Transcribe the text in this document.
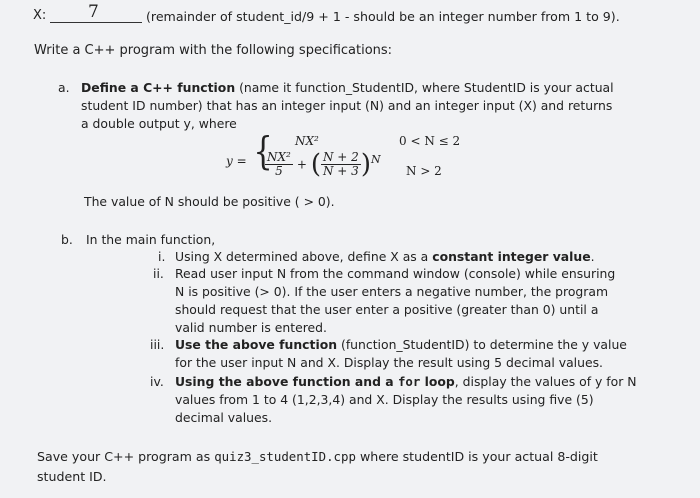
X: 7	(remainder of student_id/9 + 1 - should be an integer number from 1 to 9).
Write a C++ program with the following specifications:
a. Define a C++ function (name it function_StudentID, where StudentID is your actual
student ID number) that has an integer input (N) and an integer input (X) and returns
a double output y, where
y = { NX²	0 < N ≤ 2
$\frac{\text{NX²}}{5}$ + ( $\frac{N + 2}{N + 3} )N$
N > 2
The value of N should be positive ( > 0).
b. In the main function,
i. Using X determined above, define X as a constant integer value.
ii. Read user input N from the command window (console) while ensuring
N is positive (> 0). If the user enters a negative number, the program
should request that the user enter a positive (greater than 0) until a
valid number is entered.
iii. Use the above function (function_StudentID) to determine the y value
for the user input N and X. Display the result using 5 decimal values.
iv. Using the above function and a for loop, display the values of y for N
values from 1 to 4 (1,2,3,4) and X. Display the results using five (5)
decimal values.
Save your C++ program as quiz3_studentID.cpp where studentID is your actual 8-digit
student ID.
